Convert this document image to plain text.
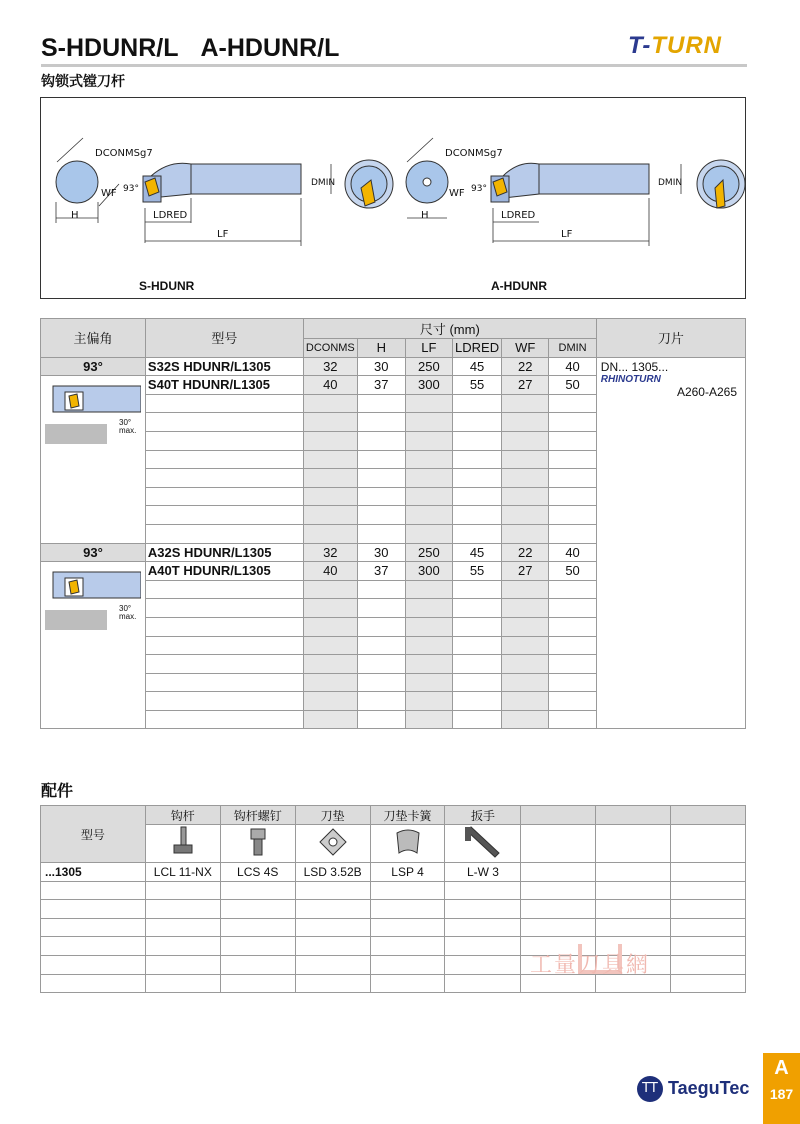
S-HDUNR/L A-HDUNR/L	T-TURN
钩锁式镗刀杆
DCONMSg7
WF 93°
H	LDRED
LF
DMIN
S-HDUNR
DCONMSg7
WF 93°
H	LDRED
LF
DMIN
A-HDUNR
主偏角	型号	尺寸 (mm)						刀片
		DCONMS	H	LF	LDRED	WF	DMIN	
93°	S32S HDUNR/L1305	32	30	250	45	22	40	DN... 1305...
RHINOTURN
A260-A265

30° max.	S40T HDUNR/L1305	40	37	300	55	27	50	

93°	A32S HDUNR/L1305	32	30	250	45	22	40	

30° max.	A40T HDUNR/L1305	40	37	300	55	27	50	

配件
型号	钩杆	钩杆螺钉	刀垫	刀垫卡簧	扳手			

...1305	LCL 11-NX	LCS 4S	LSD 3.52B	LSP 4	L-W 3			

工量刀具網
TT TaeguTec
A
187
